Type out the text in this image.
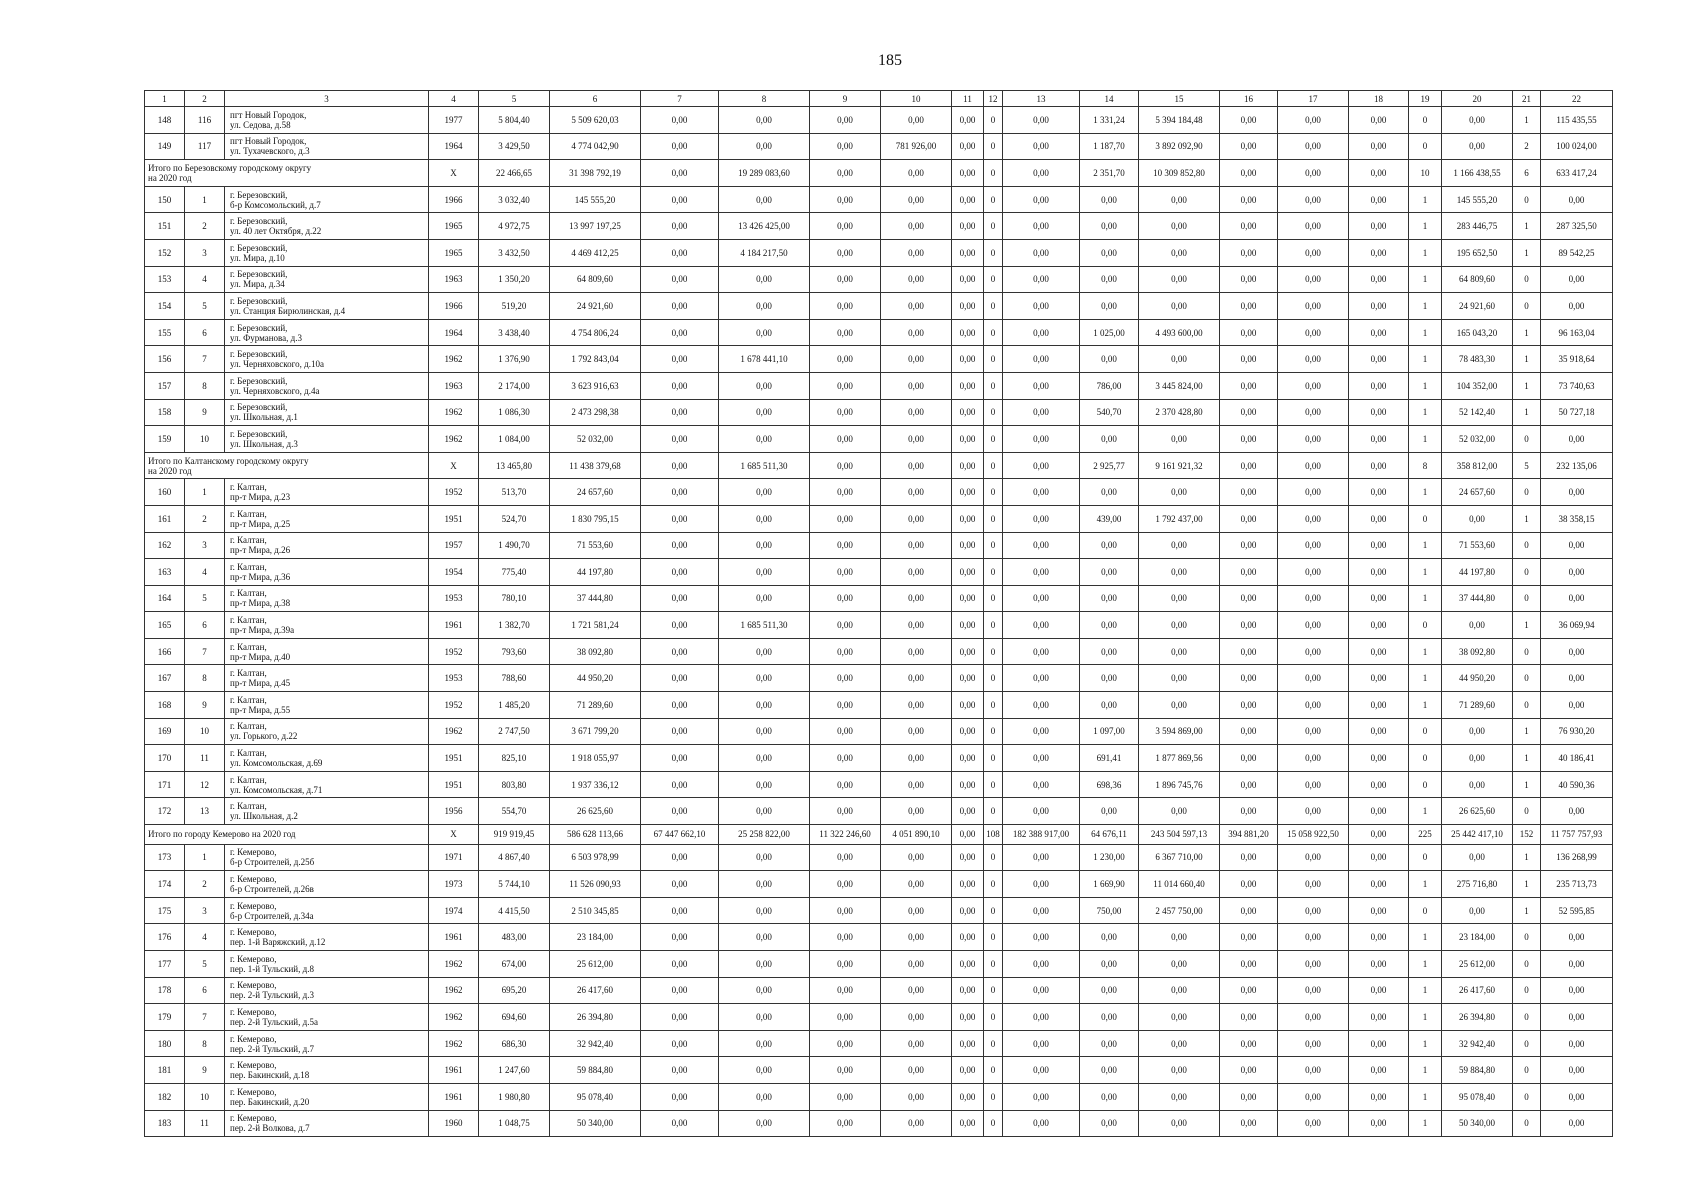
185
1	2	3	4	5	6	7	8	9	10	11	12	13	14	15	16	17	18	19	20	21	22
148	116	пгт Новый Городок,
ул. Седова, д.58	1977	5 804,40	5 509 620,03	0,00	0,00	0,00	0,00	0,00	0	0,00	1 331,24	5 394 184,48	0,00	0,00	0,00	0	0,00	1	115 435,55
149	117	пгт Новый Городок,
ул. Тухачевского, д.3	1964	3 429,50	4 774 042,90	0,00	0,00	0,00	781 926,00	0,00	0	0,00	1 187,70	3 892 092,90	0,00	0,00	0,00	0	0,00	2	100 024,00
Итого по Березовскому городскому округу
на 2020 год			X	22 466,65	31 398 792,19	0,00	19 289 083,60	0,00	0,00	0,00	0	0,00	2 351,70	10 309 852,80	0,00	0,00	0,00	10	1 166 438,55	6	633 417,24
150	1	г. Березовский,
б-р Комсомольский, д.7	1966	3 032,40	145 555,20	0,00	0,00	0,00	0,00	0,00	0	0,00	0,00	0,00	0,00	0,00	0,00	1	145 555,20	0	0,00
151	2	г. Березовский,
ул. 40 лет Октября, д.22	1965	4 972,75	13 997 197,25	0,00	13 426 425,00	0,00	0,00	0,00	0	0,00	0,00	0,00	0,00	0,00	0,00	1	283 446,75	1	287 325,50
152	3	г. Березовский,
ул. Мира, д.10	1965	3 432,50	4 469 412,25	0,00	4 184 217,50	0,00	0,00	0,00	0	0,00	0,00	0,00	0,00	0,00	0,00	1	195 652,50	1	89 542,25
153	4	г. Березовский,
ул. Мира, д.34	1963	1 350,20	64 809,60	0,00	0,00	0,00	0,00	0,00	0	0,00	0,00	0,00	0,00	0,00	0,00	1	64 809,60	0	0,00
154	5	г. Березовский,
ул. Станция Бирюлинская, д.4	1966	519,20	24 921,60	0,00	0,00	0,00	0,00	0,00	0	0,00	0,00	0,00	0,00	0,00	0,00	1	24 921,60	0	0,00
155	6	г. Березовский,
ул. Фурманова, д.3	1964	3 438,40	4 754 806,24	0,00	0,00	0,00	0,00	0,00	0	0,00	1 025,00	4 493 600,00	0,00	0,00	0,00	1	165 043,20	1	96 163,04
156	7	г. Березовский,
ул. Черняховского, д.10а	1962	1 376,90	1 792 843,04	0,00	1 678 441,10	0,00	0,00	0,00	0	0,00	0,00	0,00	0,00	0,00	0,00	1	78 483,30	1	35 918,64
157	8	г. Березовский,
ул. Черняховского, д.4а	1963	2 174,00	3 623 916,63	0,00	0,00	0,00	0,00	0,00	0	0,00	786,00	3 445 824,00	0,00	0,00	0,00	1	104 352,00	1	73 740,63
158	9	г. Березовский,
ул. Школьная, д.1	1962	1 086,30	2 473 298,38	0,00	0,00	0,00	0,00	0,00	0	0,00	540,70	2 370 428,80	0,00	0,00	0,00	1	52 142,40	1	50 727,18
159	10	г. Березовский,
ул. Школьная, д.3	1962	1 084,00	52 032,00	0,00	0,00	0,00	0,00	0,00	0	0,00	0,00	0,00	0,00	0,00	0,00	1	52 032,00	0	0,00
Итого по Калтанскому городскому округу
на 2020 год			X	13 465,80	11 438 379,68	0,00	1 685 511,30	0,00	0,00	0,00	0	0,00	2 925,77	9 161 921,32	0,00	0,00	0,00	8	358 812,00	5	232 135,06
160	1	г. Калтан,
пр-т Мира, д.23	1952	513,70	24 657,60	0,00	0,00	0,00	0,00	0,00	0	0,00	0,00	0,00	0,00	0,00	0,00	1	24 657,60	0	0,00
161	2	г. Калтан,
пр-т Мира, д.25	1951	524,70	1 830 795,15	0,00	0,00	0,00	0,00	0,00	0	0,00	439,00	1 792 437,00	0,00	0,00	0,00	0	0,00	1	38 358,15
162	3	г. Калтан,
пр-т Мира, д.26	1957	1 490,70	71 553,60	0,00	0,00	0,00	0,00	0,00	0	0,00	0,00	0,00	0,00	0,00	0,00	1	71 553,60	0	0,00
163	4	г. Калтан,
пр-т Мира, д.36	1954	775,40	44 197,80	0,00	0,00	0,00	0,00	0,00	0	0,00	0,00	0,00	0,00	0,00	0,00	1	44 197,80	0	0,00
164	5	г. Калтан,
пр-т Мира, д.38	1953	780,10	37 444,80	0,00	0,00	0,00	0,00	0,00	0	0,00	0,00	0,00	0,00	0,00	0,00	1	37 444,80	0	0,00
165	6	г. Калтан,
пр-т Мира, д.39а	1961	1 382,70	1 721 581,24	0,00	1 685 511,30	0,00	0,00	0,00	0	0,00	0,00	0,00	0,00	0,00	0,00	0	0,00	1	36 069,94
166	7	г. Калтан,
пр-т Мира, д.40	1952	793,60	38 092,80	0,00	0,00	0,00	0,00	0,00	0	0,00	0,00	0,00	0,00	0,00	0,00	1	38 092,80	0	0,00
167	8	г. Калтан,
пр-т Мира, д.45	1953	788,60	44 950,20	0,00	0,00	0,00	0,00	0,00	0	0,00	0,00	0,00	0,00	0,00	0,00	1	44 950,20	0	0,00
168	9	г. Калтан,
пр-т Мира, д.55	1952	1 485,20	71 289,60	0,00	0,00	0,00	0,00	0,00	0	0,00	0,00	0,00	0,00	0,00	0,00	1	71 289,60	0	0,00
169	10	г. Калтан,
ул. Горького, д.22	1962	2 747,50	3 671 799,20	0,00	0,00	0,00	0,00	0,00	0	0,00	1 097,00	3 594 869,00	0,00	0,00	0,00	0	0,00	1	76 930,20
170	11	г. Калтан,
ул. Комсомольская, д.69	1951	825,10	1 918 055,97	0,00	0,00	0,00	0,00	0,00	0	0,00	691,41	1 877 869,56	0,00	0,00	0,00	0	0,00	1	40 186,41
171	12	г. Калтан,
ул. Комсомольская, д.71	1951	803,80	1 937 336,12	0,00	0,00	0,00	0,00	0,00	0	0,00	698,36	1 896 745,76	0,00	0,00	0,00	0	0,00	1	40 590,36
172	13	г. Калтан,
ул. Школьная, д.2	1956	554,70	26 625,60	0,00	0,00	0,00	0,00	0,00	0	0,00	0,00	0,00	0,00	0,00	0,00	1	26 625,60	0	0,00
Итого по городу Кемерово на 2020 год			X	919 919,45	586 628 113,66	67 447 662,10	25 258 822,00	11 322 246,60	4 051 890,10	0,00	108	182 388 917,00	64 676,11	243 504 597,13	394 881,20	15 058 922,50	0,00	225	25 442 417,10	152	11 757 757,93
173	1	г. Кемерово,
б-р Строителей, д.25б	1971	4 867,40	6 503 978,99	0,00	0,00	0,00	0,00	0,00	0	0,00	1 230,00	6 367 710,00	0,00	0,00	0,00	0	0,00	1	136 268,99
174	2	г. Кемерово,
б-р Строителей, д.26в	1973	5 744,10	11 526 090,93	0,00	0,00	0,00	0,00	0,00	0	0,00	1 669,90	11 014 660,40	0,00	0,00	0,00	1	275 716,80	1	235 713,73
175	3	г. Кемерово,
б-р Строителей, д.34а	1974	4 415,50	2 510 345,85	0,00	0,00	0,00	0,00	0,00	0	0,00	750,00	2 457 750,00	0,00	0,00	0,00	0	0,00	1	52 595,85
176	4	г. Кемерово,
пер. 1-й Варяжский, д.12	1961	483,00	23 184,00	0,00	0,00	0,00	0,00	0,00	0	0,00	0,00	0,00	0,00	0,00	0,00	1	23 184,00	0	0,00
177	5	г. Кемерово,
пер. 1-й Тульский, д.8	1962	674,00	25 612,00	0,00	0,00	0,00	0,00	0,00	0	0,00	0,00	0,00	0,00	0,00	0,00	1	25 612,00	0	0,00
178	6	г. Кемерово,
пер. 2-й Тульский, д.3	1962	695,20	26 417,60	0,00	0,00	0,00	0,00	0,00	0	0,00	0,00	0,00	0,00	0,00	0,00	1	26 417,60	0	0,00
179	7	г. Кемерово,
пер. 2-й Тульский, д.5а	1962	694,60	26 394,80	0,00	0,00	0,00	0,00	0,00	0	0,00	0,00	0,00	0,00	0,00	0,00	1	26 394,80	0	0,00
180	8	г. Кемерово,
пер. 2-й Тульский, д.7	1962	686,30	32 942,40	0,00	0,00	0,00	0,00	0,00	0	0,00	0,00	0,00	0,00	0,00	0,00	1	32 942,40	0	0,00
181	9	г. Кемерово,
пер. Бакинский, д.18	1961	1 247,60	59 884,80	0,00	0,00	0,00	0,00	0,00	0	0,00	0,00	0,00	0,00	0,00	0,00	1	59 884,80	0	0,00
182	10	г. Кемерово,
пер. Бакинский, д.20	1961	1 980,80	95 078,40	0,00	0,00	0,00	0,00	0,00	0	0,00	0,00	0,00	0,00	0,00	0,00	1	95 078,40	0	0,00
183	11	г. Кемерово,
пер. 2-й Волкова, д.7	1960	1 048,75	50 340,00	0,00	0,00	0,00	0,00	0,00	0	0,00	0,00	0,00	0,00	0,00	0,00	1	50 340,00	0	0,00
